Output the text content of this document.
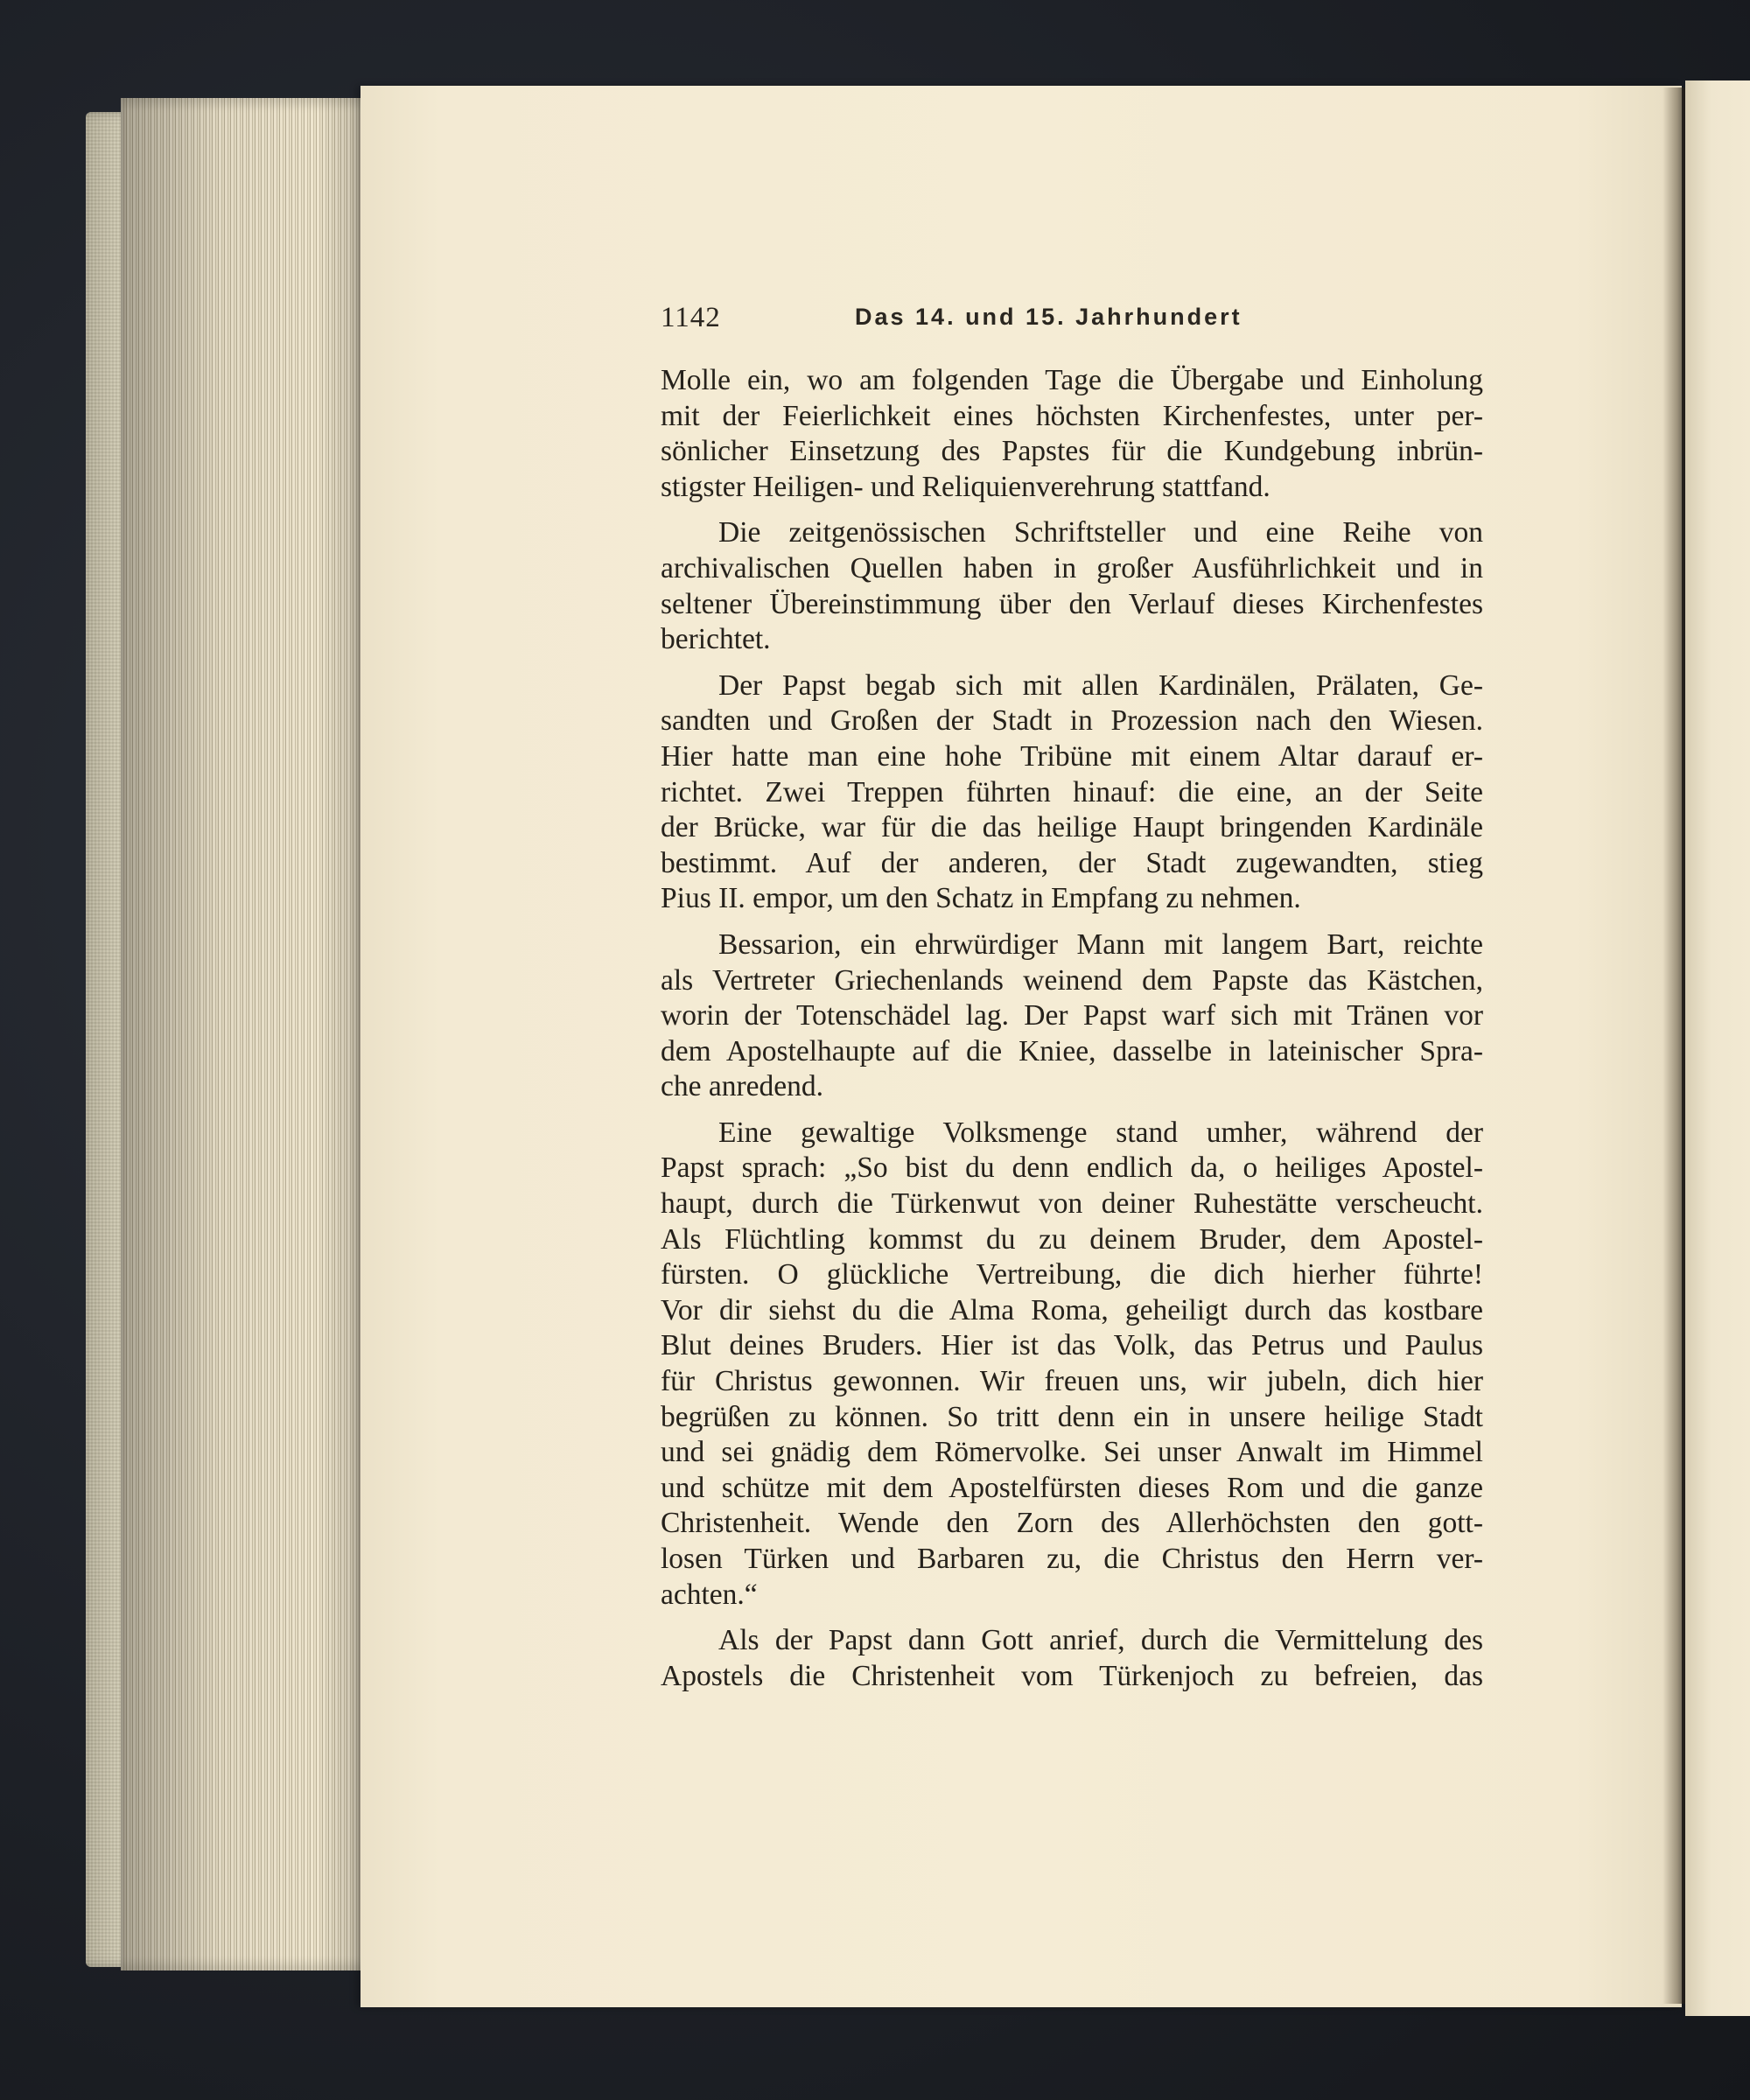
1142	Das 14. und 15. Jahrhundert
Molle ein, wo am folgenden Tage die Übergabe und Einholung
mit der Feierlichkeit eines höchsten Kirchenfestes, unter per-
sönlicher Einsetzung des Papstes für die Kundgebung inbrün-
stigster Heiligen- und Reliquienverehrung stattfand.
Die zeitgenössischen Schriftsteller und eine Reihe von
archivalischen Quellen haben in großer Ausführlichkeit und in
seltener Übereinstimmung über den Verlauf dieses Kirchenfestes
berichtet.
Der Papst begab sich mit allen Kardinälen, Prälaten, Ge-
sandten und Großen der Stadt in Prozession nach den Wiesen.
Hier hatte man eine hohe Tribüne mit einem Altar darauf er-
richtet. Zwei Treppen führten hinauf: die eine, an der Seite
der Brücke, war für die das heilige Haupt bringenden Kardinäle
bestimmt. Auf der anderen, der Stadt zugewandten, stieg
Pius II. empor, um den Schatz in Empfang zu nehmen.
Bessarion, ein ehrwürdiger Mann mit langem Bart, reichte
als Vertreter Griechenlands weinend dem Papste das Kästchen,
worin der Totenschädel lag. Der Papst warf sich mit Tränen vor
dem Apostelhaupte auf die Kniee, dasselbe in lateinischer Spra-
che anredend.
Eine gewaltige Volksmenge stand umher, während der
Papst sprach: „So bist du denn endlich da, o heiliges Apostel-
haupt, durch die Türkenwut von deiner Ruhestätte verscheucht.
Als Flüchtling kommst du zu deinem Bruder, dem Apostel-
fürsten. O glückliche Vertreibung, die dich hierher führte!
Vor dir siehst du die Alma Roma, geheiligt durch das kostbare
Blut deines Bruders. Hier ist das Volk, das Petrus und Paulus
für Christus gewonnen. Wir freuen uns, wir jubeln, dich hier
begrüßen zu können. So tritt denn ein in unsere heilige Stadt
und sei gnädig dem Römervolke. Sei unser Anwalt im Himmel
und schütze mit dem Apostelfürsten dieses Rom und die ganze
Christenheit. Wende den Zorn des Allerhöchsten den gott-
losen Türken und Barbaren zu, die Christus den Herrn ver-
achten.“
Als der Papst dann Gott anrief, durch die Vermittelung des
Apostels die Christenheit vom Türkenjoch zu befreien, das
